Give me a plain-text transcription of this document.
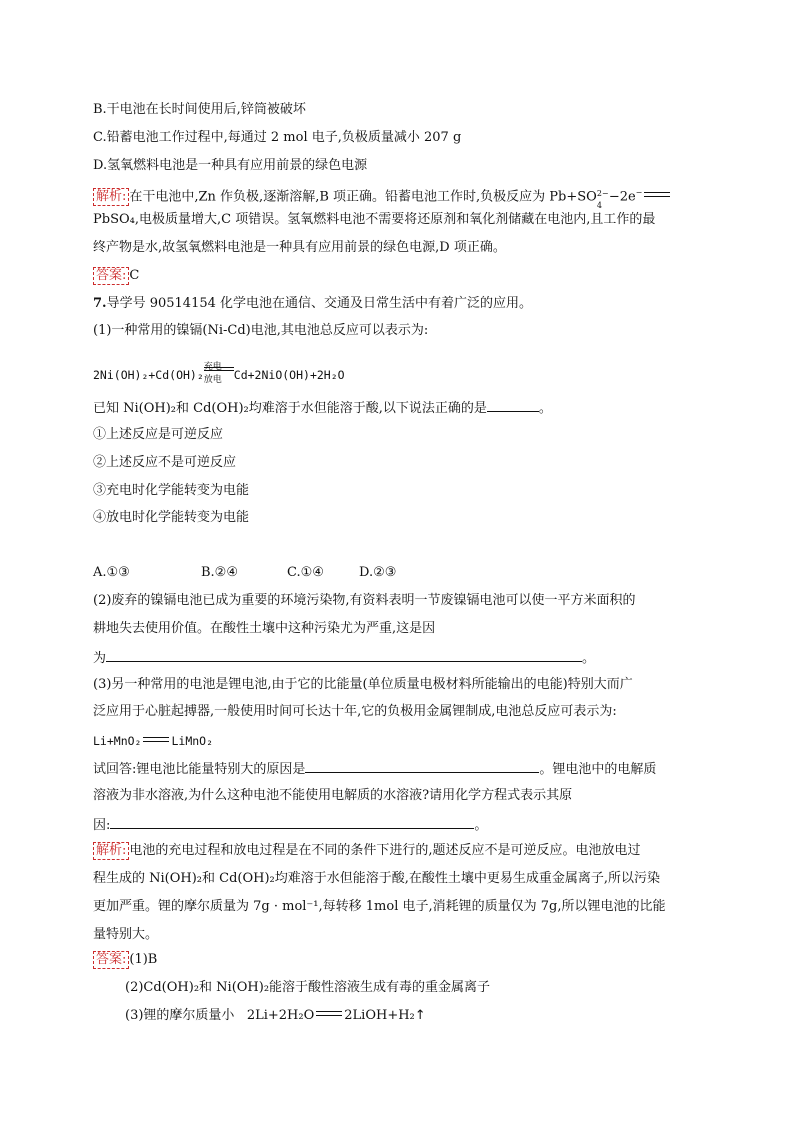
B.干电池在长时间使用后,锌筒被破坏
C.铅蓄电池工作过程中,每通过 2 mol 电子,负极质量减小 207 g
D.氢氧燃料电池是一种具有应用前景的绿色电源
解析: 在干电池中,Zn 作负极,逐渐溶解,B 项正确。铅蓄电池工作时,负极反应为 Pb+SO 2−
4
−2e−
PbSO₄,电极质量增大,C 项错误。氢氧燃料电池不需要将还原剂和氧化剂储藏在电池内,且工作的最
终产物是水,故氢氧燃料电池是一种具有应用前景的绿色电源,D 项正确。
答案: C
7.导学号 90514154 化学电池在通信、交通及日常生活中有着广泛的应用。
(1)一种常用的镍镉(Ni-Cd)电池,其电池总反应可以表示为:
2Ni(OH)₂+Cd(OH)₂
充电
放电 Cd+2NiO(OH)+2H₂O
已知 Ni(OH)₂和 Cd(OH)₂均难溶于水但能溶于酸,以下说法正确的是	。
①上述反应是可逆反应
②上述反应不是可逆反应
③充电时化学能转变为电能
④放电时化学能转变为电能
A.①③	B.②④	C.①④	D.②③
(2)废弃的镍镉电池已成为重要的环境污染物,有资料表明一节废镍镉电池可以使一平方米面积的
耕地失去使用价值。在酸性土壤中这种污染尤为严重,这是因
为	。
(3)另一种常用的电池是锂电池,由于它的比能量(单位质量电极材料所能输出的电能)特别大而广
泛应用于心脏起搏器,一般使用时间可长达十年,它的负极用金属锂制成,电池总反应可表示为:
Li+MnO₂	LiMnO₂
试回答:锂电池比能量特别大的原因是	。锂电池中的电解质
溶液为非水溶液,为什么这种电池不能使用电解质的水溶液?请用化学方程式表示其原
因:	。
解析: 电池的充电过程和放电过程是在不同的条件下进行的,题述反应不是可逆反应。电池放电过
程生成的 Ni(OH)₂和 Cd(OH)₂均难溶于水但能溶于酸,在酸性土壤中更易生成重金属离子,所以污染
更加严重。锂的摩尔质量为 7g · mol⁻¹,每转移 1mol 电子,消耗锂的质量仅为 7g,所以锂电池的比能
量特别大。
答案: (1)B
(2)Cd(OH)₂和 Ni(OH)₂能溶于酸性溶液生成有毒的重金属离子
(3)锂的摩尔质量小 2Li+2H₂O 2LiOH+H₂↑
